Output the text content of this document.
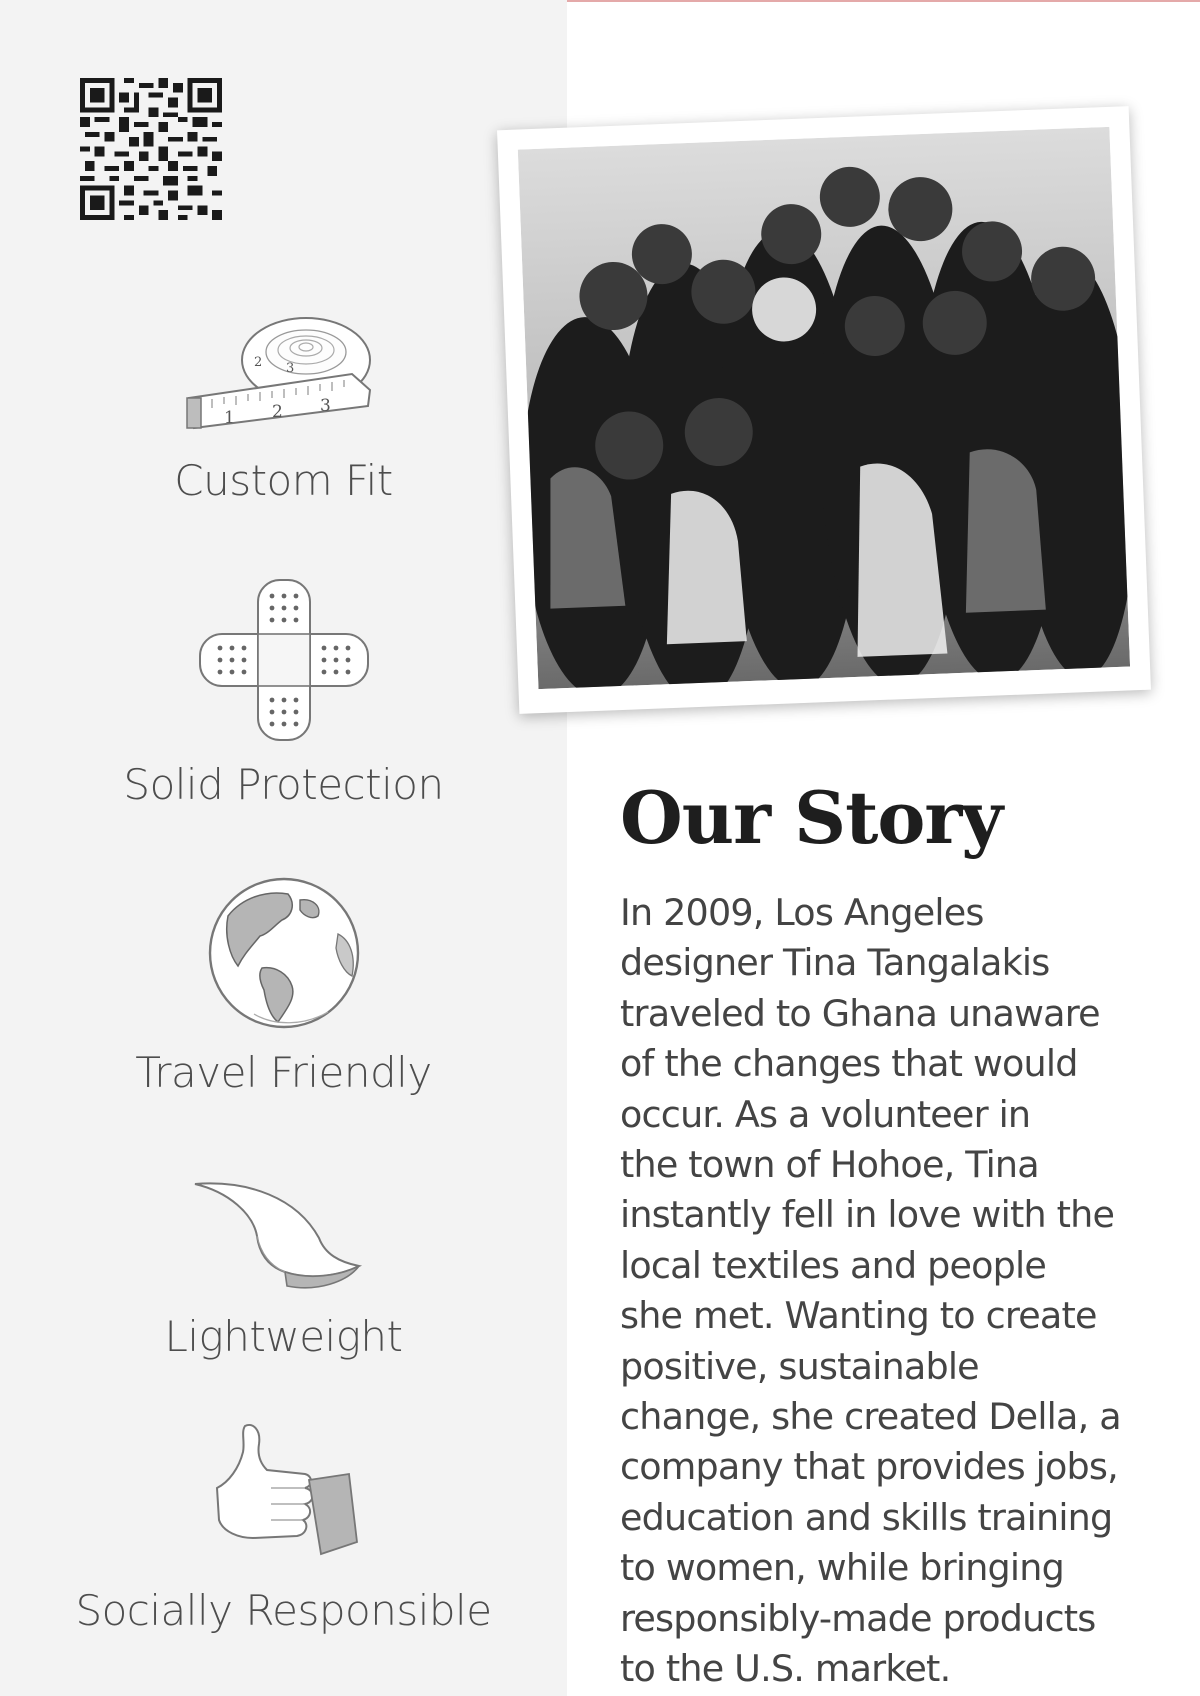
1 2 3
2 3
Custom Fit
Solid Protection
Travel Friendly
Lightweight
Socially Responsible
Our Story
In 2009, Los Angeles
designer Tina Tangalakis
traveled to Ghana unaware
of the changes that would
occur. As a volunteer in
the town of Hohoe, Tina
instantly fell in love with the
local textiles and people
she met. Wanting to create
positive, sustainable
change, she created Della, a
company that provides jobs,
education and skills training
to women, while bringing
responsibly-made products
to the U.S. market.
